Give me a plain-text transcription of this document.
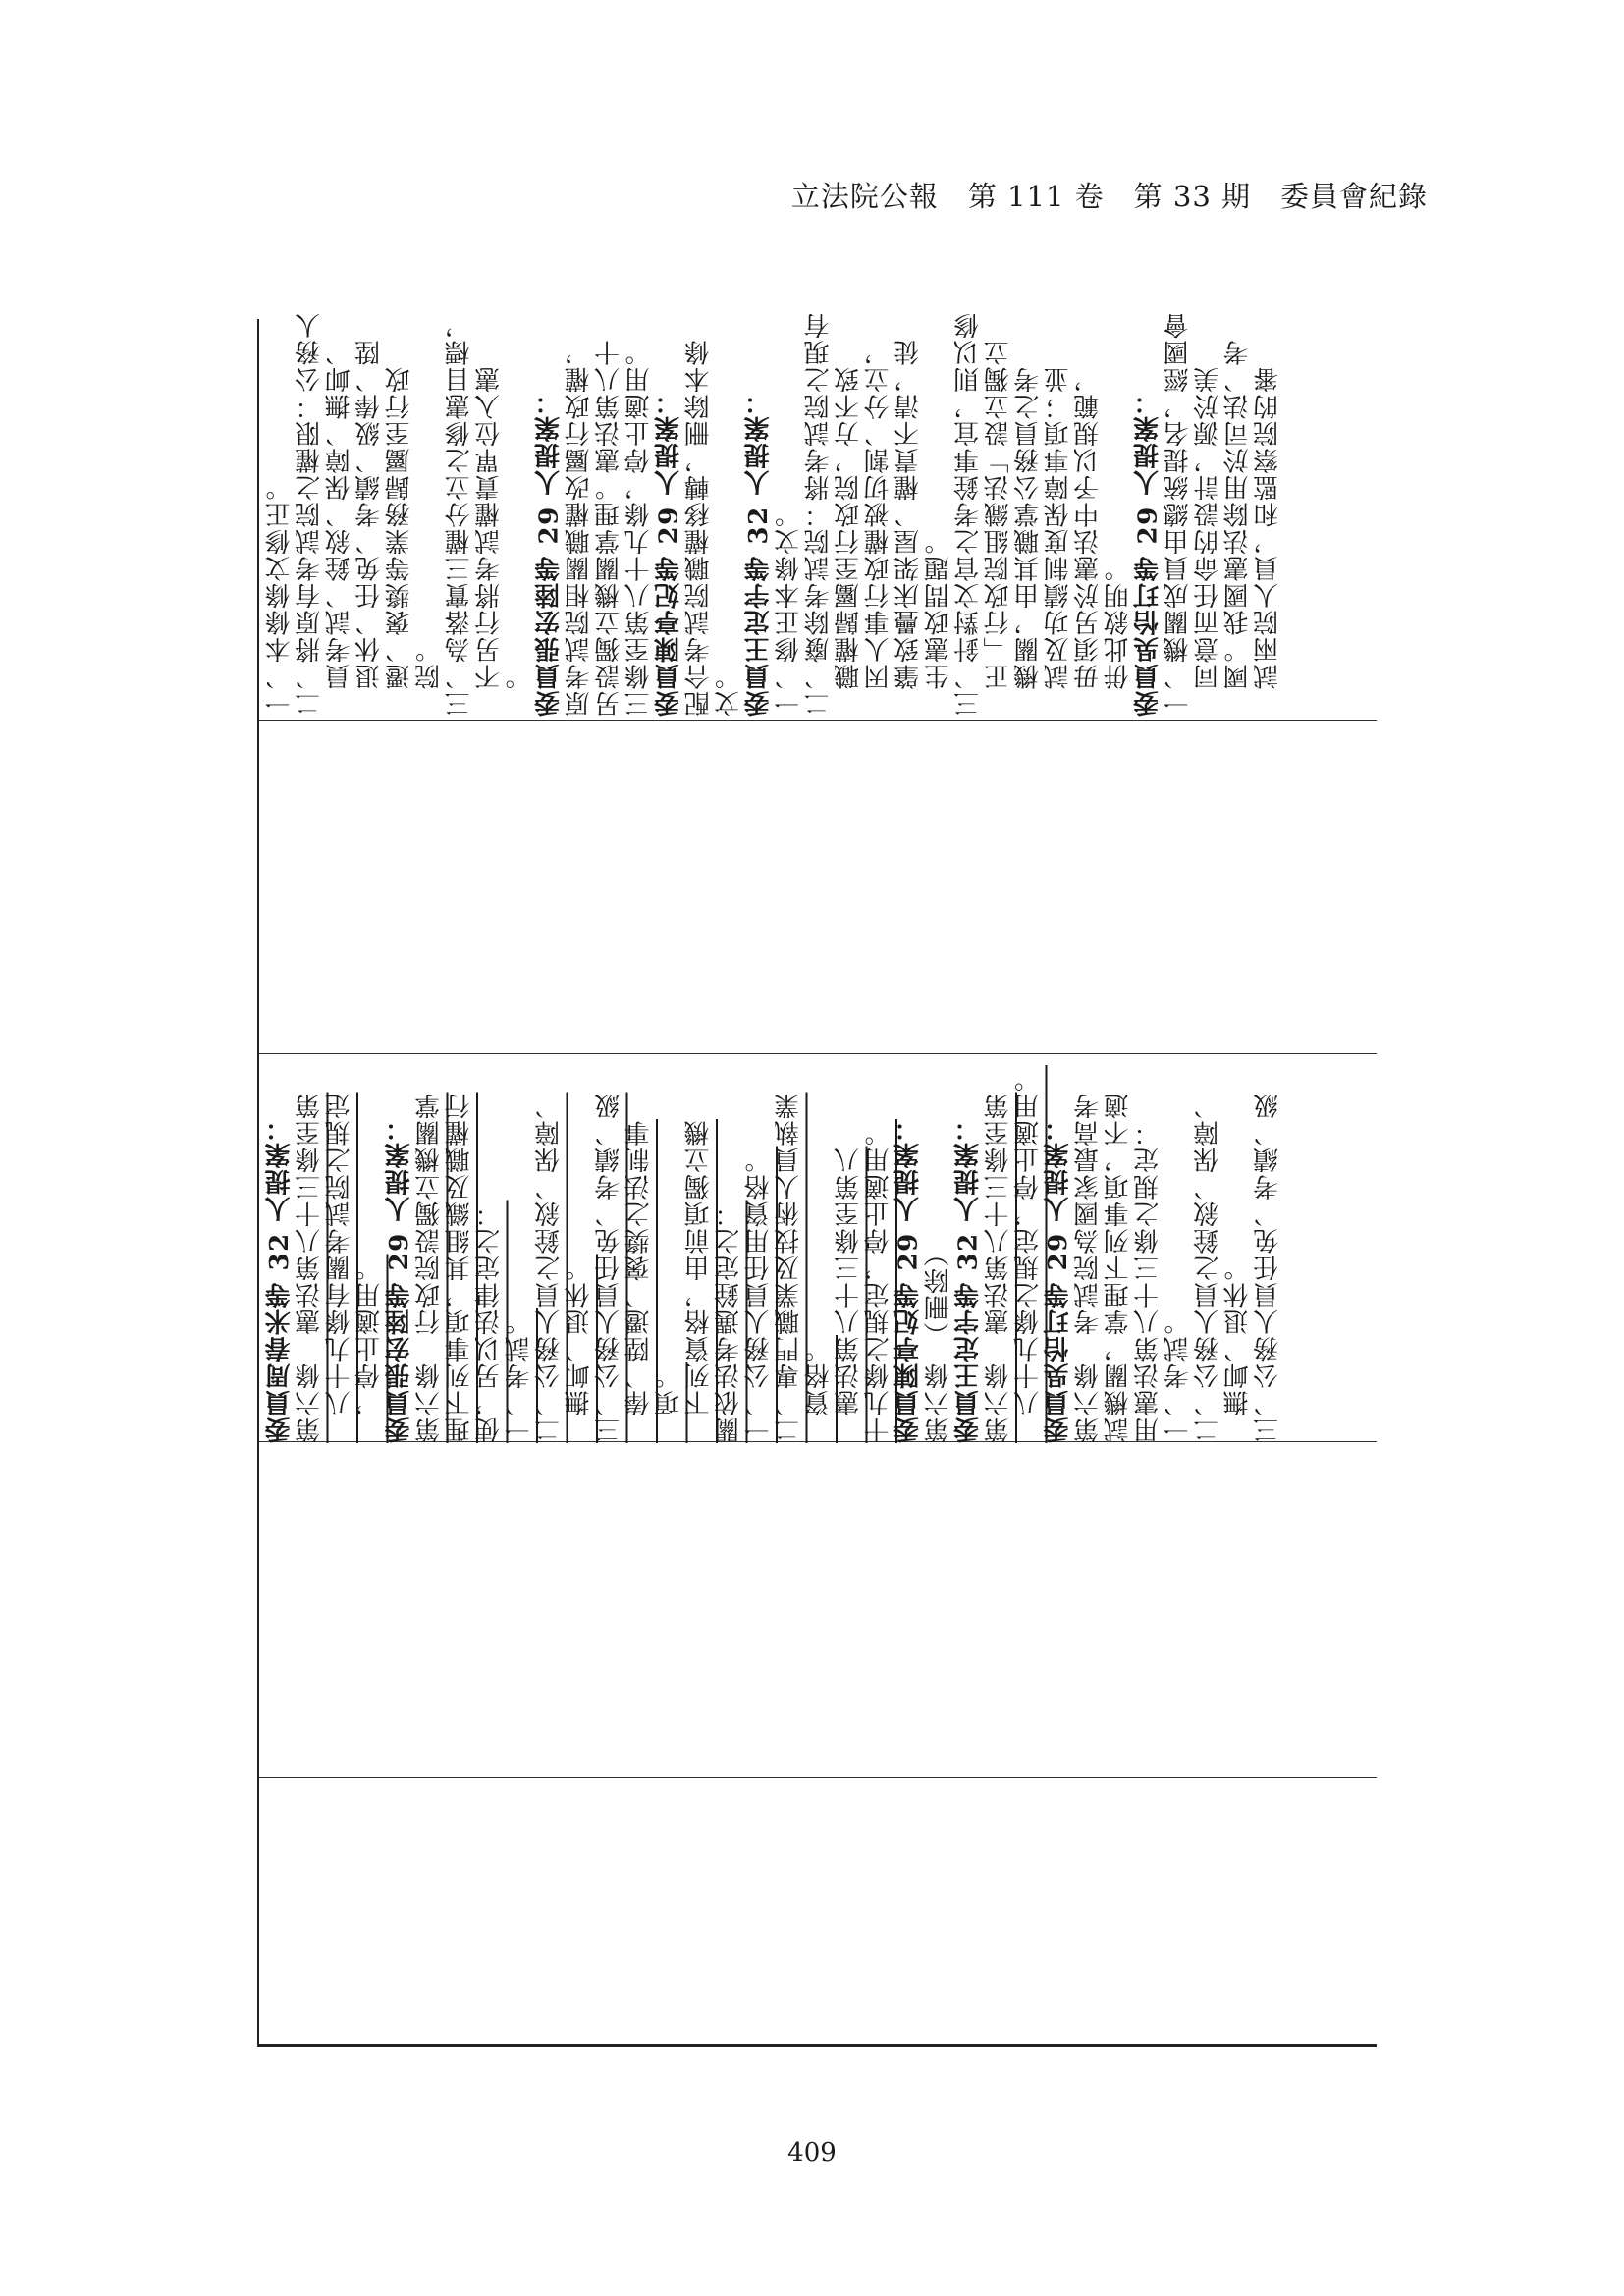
立法院公報　第 111 卷　第 33 期　委員會紀錄
委員周春米等 32 人提案： 第六條　憲法第八十三條至第 　八十九條有關考試院之規定 　，停止適用。 委員張宏陸等 29 人提案： 第六條　行政院設獨立機關掌 理下列事項，其組織及職權行 使，另以法律定之： 一、考試。 二、公務人員之銓敘、保障、 　撫卹、退休。 三、公務人員任免、考績、級 　俸、陞遷、褒獎之法制事 　項。 　下列資格，由前項獨立機 關依法考選銓定之： 一、公務人員任用資格。 二、專門職業及技術人員執業 　資格。 　憲法第八十三條至第八 十九條之規定，停止適用。 委員陳亭妃等 29 人提案： 第六條　（刪除） 委員王定宇等 32 人提案： 第六條　憲法第八十三條至第 　八十九條之規定，停止適用。 委員吳怡玎等 29 人提案： 第六條　考試院為國家最高考 試機關，掌理下列事項，不適 用憲法第八十三條之規定： 一、考試。 二、公務人員之銓敘、保障、 　撫卹、退休。 三、公務人員任免、考績、級
一、本條條文修正。 二、將原有考試院之權限：公務人 　員考試、銓敘、保障、撫卹、 　退休、任免、考績、級俸、陞 　遷、褒獎等業務歸屬至行政 　院。 三、為落實三權分立之修憲目標， 　不另行將考試權責單位入憲 　。 委員張宏陸等 29 人提案： 原考試院相關職權改屬行政權， 另設獨立機關掌理。憲法第八十 三條至第八十九條，停止適用。 委員陳亭妃等 29 人提案： 配合考試院職權移轉，刪除本條 文。 委員王定宇等 32 人提案： 一、修正本條文。 二、廢除考試院：將考試院之現有 　職權歸屬至行政院，方不致 　因人事行政權被切割、分立， 　肇致疊床架屋、權責不清，徒 　生憲政問題。 三、針對文官之考銓事宜，則以修 　正「行政院組織法」設立獨立 　機關，由其職掌公務員之考 　試及功績制度保障事項；並 　毋須另於憲法中予以規範， 　併此敘明。 委員吳怡玎等 29 人提案： 一、機關成員由總統提名，經國會 　同意而任命的設計，源於美 　國。我國憲法除用於司法、考 　試兩院人員，和監察院的審
409
